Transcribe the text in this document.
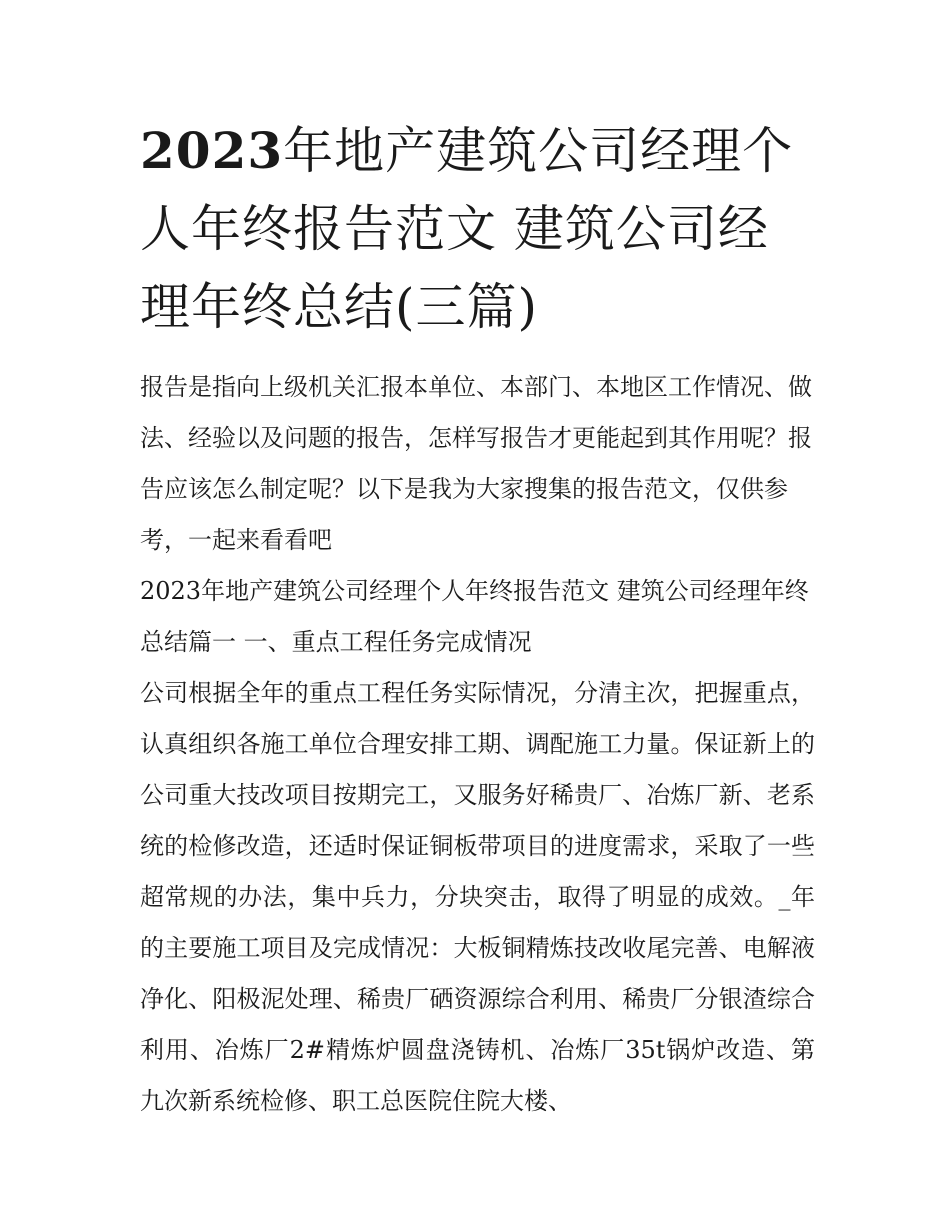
2023年地产建筑公司经理个人年终报告范文 建筑公司经理年终总结(三篇)

报告是指向上级机关汇报本单位、本部门、本地区工作情况、做法、经验以及问题的报告，怎样写报告才更能起到其作用呢？报告应该怎么制定呢？以下是我为大家搜集的报告范文，仅供参考，一起来看看吧

2023年地产建筑公司经理个人年终报告范文 建筑公司经理年终总结篇一 一、重点工程任务完成情况

公司根据全年的重点工程任务实际情况，分清主次，把握重点，认真组织各施工单位合理安排工期、调配施工力量。保证新上的公司重大技改项目按期完工，又服务好稀贵厂、冶炼厂新、老系统的检修改造，还适时保证铜板带项目的进度需求，采取了一些超常规的办法，集中兵力，分块突击，取得了明显的成效。_年的主要施工项目及完成情况：大板铜精炼技改收尾完善、电解液净化、阳极泥处理、稀贵厂硒资源综合利用、稀贵厂分银渣综合利用、冶炼厂2#精炼炉圆盘浇铸机、冶炼厂35t锅炉改造、第九次新系统检修、职工总医院住院大楼、
